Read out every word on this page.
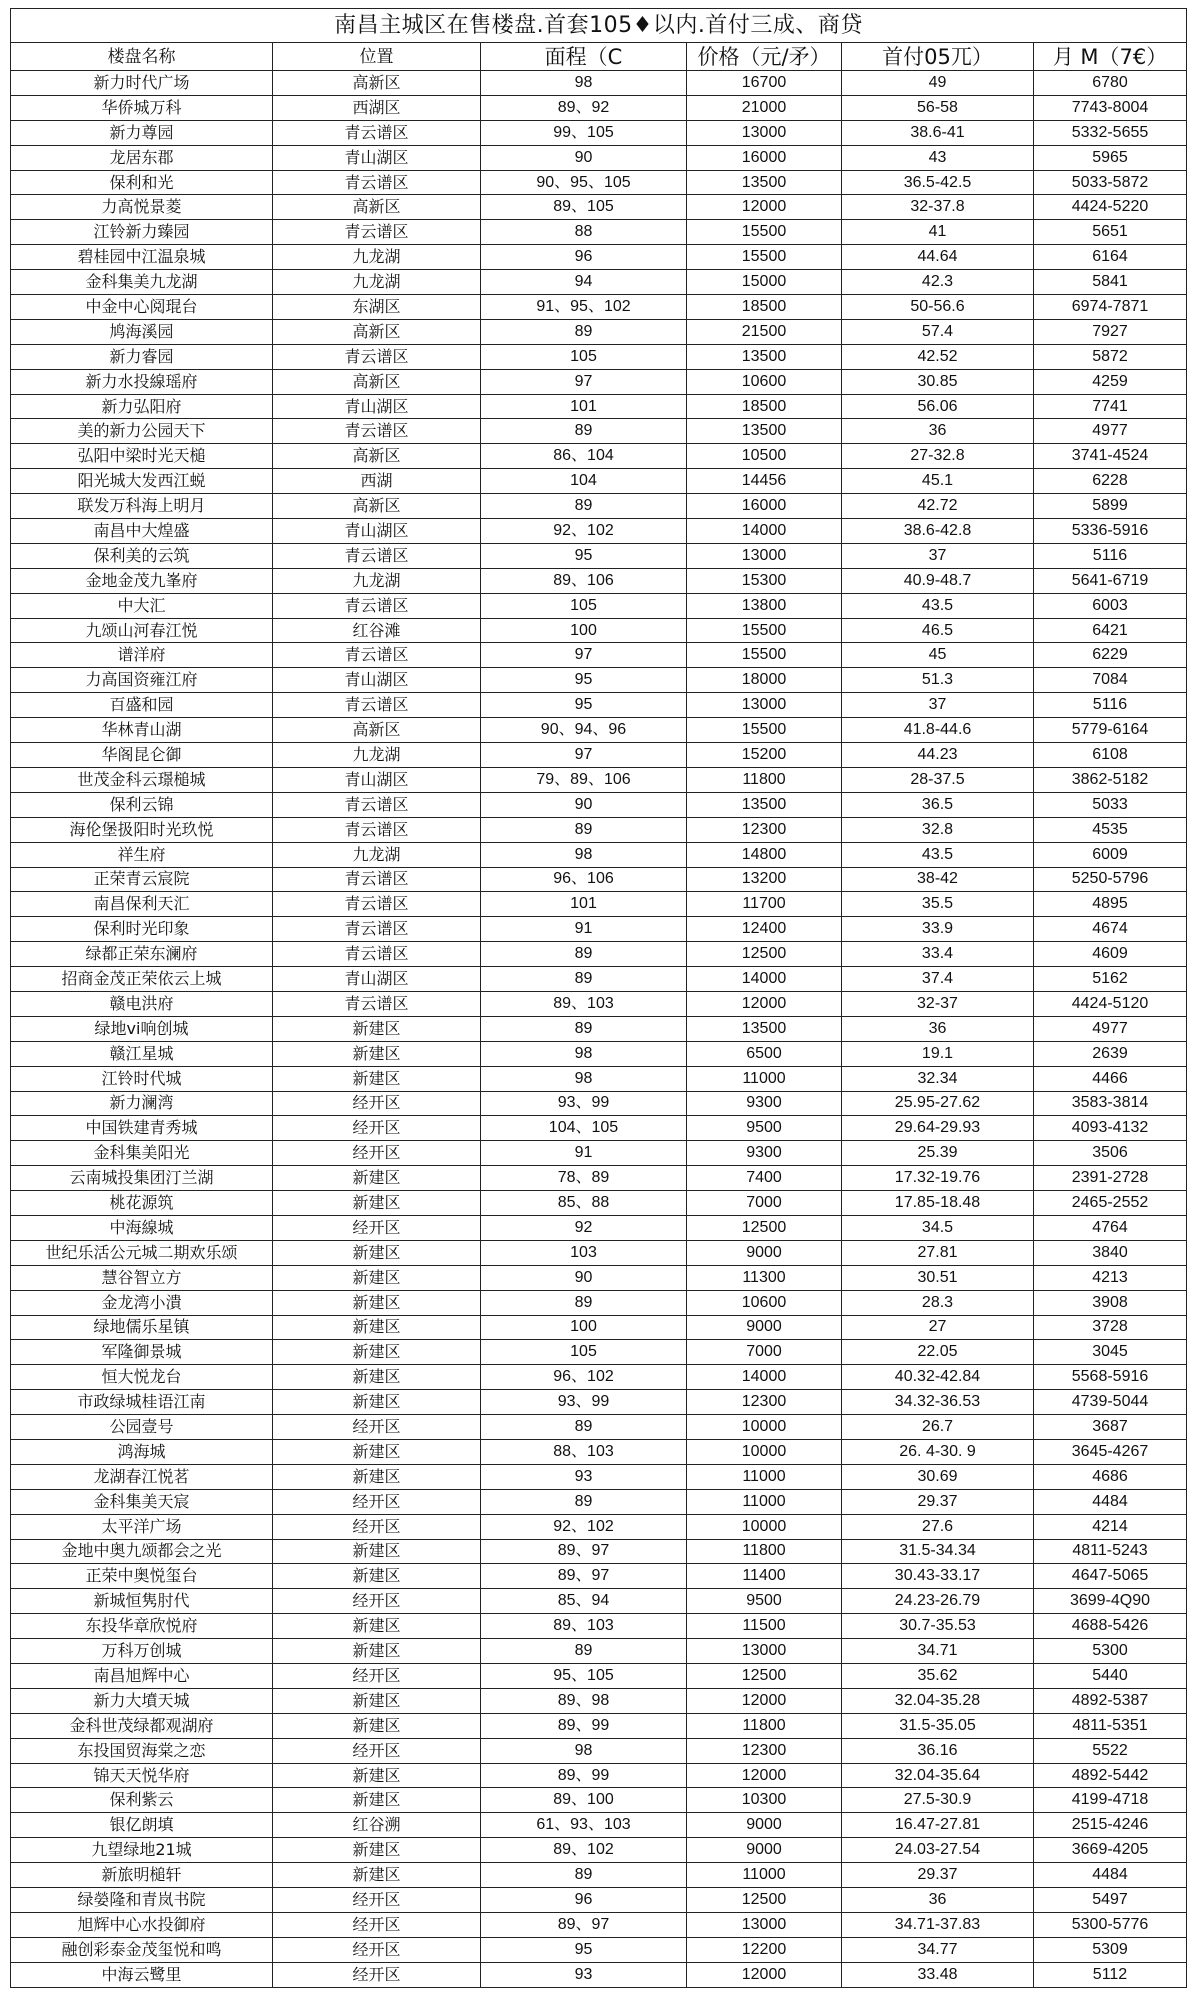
南昌主城区在售楼盘.首套105♦以内.首付三成、商贷					
楼盘名称	位置	面程（C	价格（元/矛）	首付05兀）	月 M（7€）
新力时代广场	高新区	98	16700	49	6780
华侨城万科	西湖区	89、92	21000	56-58	7743-8004
新力尊园	青云谱区	99、105	13000	38.6-41	5332-5655
龙居东郡	青山湖区	90	16000	43	5965
保利和光	青云谱区	90、95、105	13500	36.5-42.5	5033-5872
力高悦景菱	高新区	89、105	12000	32-37.8	4424-5220
江铃新力臻园	青云谱区	88	15500	41	5651
碧桂园中江温泉城	九龙湖	96	15500	44.64	6164
金科集美九龙湖	九龙湖	94	15000	42.3	5841
中金中心阅琨台	东湖区	91、95、102	18500	50-56.6	6974-7871
鸠海溪园	高新区	89	21500	57.4	7927
新力睿园	青云谱区	105	13500	42.52	5872
新力水投線瑶府	高新区	97	10600	30.85	4259
新力弘阳府	青山湖区	101	18500	56.06	7741
美的新力公园天下	青云谱区	89	13500	36	4977
弘阳中梁时光天槌	高新区	86、104	10500	27-32.8	3741-4524
阳光城大发西江蜕	西湖	104	14456	45.1	6228
联发万科海上明月	高新区	89	16000	42.72	5899
南昌中大煌盛	青山湖区	92、102	14000	38.6-42.8	5336-5916
保利美的云筑	青云谱区	95	13000	37	5116
金地金茂九峯府	九龙湖	89、106	15300	40.9-48.7	5641-6719
中大汇	青云谱区	105	13800	43.5	6003
九颂山河春江悦	红谷滩	100	15500	46.5	6421
谱洋府	青云谱区	97	15500	45	6229
力高国资雍江府	青山湖区	95	18000	51.3	7084
百盛和园	青云谱区	95	13000	37	5116
华林青山湖	高新区	90、94、96	15500	41.8-44.6	5779-6164
华阁昆仑御	九龙湖	97	15200	44.23	6108
世茂金科云璟槌城	青山湖区	79、89、106	11800	28-37.5	3862-5182
保利云锦	青云谱区	90	13500	36.5	5033
海伦堡扱阳时光玖悦	青云谱区	89	12300	32.8	4535
祥生府	九龙湖	98	14800	43.5	6009
正荣青云宸院	青云谱区	96、106	13200	38-42	5250-5796
南昌保利天汇	青云谱区	101	11700	35.5	4895
保利时光印象	青云谱区	91	12400	33.9	4674
绿都正荣东澜府	青云谱区	89	12500	33.4	4609
招商金茂正荣依云上城	青山湖区	89	14000	37.4	5162
赣电洪府	青云谱区	89、103	12000	32-37	4424-5120
绿地vi响创城	新建区	89	13500	36	4977
赣江星城	新建区	98	6500	19.1	2639
江铃时代城	新建区	98	11000	32.34	4466
新力澜湾	经开区	93、99	9300	25.95-27.62	3583-3814
中国铁建青秀城	经开区	104、105	9500	29.64-29.93	4093-4132
金科集美阳光	经开区	91	9300	25.39	3506
云南城投集团汀兰湖	新建区	78、89	7400	17.32-19.76	2391-2728
桃花源筑	新建区	85、88	7000	17.85-18.48	2465-2552
中海線城	经开区	92	12500	34.5	4764
世纪乐活公元城二期欢乐颂	新建区	103	9000	27.81	3840
慧谷智立方	新建区	90	11300	30.51	4213
金龙湾小潰	新建区	89	10600	28.3	3908
绿地儒乐星镇	新建区	100	9000	27	3728
军隆御景城	新建区	105	7000	22.05	3045
恒大悦龙台	新建区	96、102	14000	40.32-42.84	5568-5916
市政绿城桂语江南	新建区	93、99	12300	34.32-36.53	4739-5044
公园壹号	经开区	89	10000	26.7	3687
鸿海城	新建区	88、103	10000	26. 4-30. 9	3645-4267
龙湖春江悦茗	新建区	93	11000	30.69	4686
金科集美天宸	经开区	89	11000	29.37	4484
太平洋广场	经开区	92、102	10000	27.6	4214
金地中奥九颂都会之光	新建区	89、97	11800	31.5-34.34	4811-5243
正荣中奥悦玺台	新建区	89、97	11400	30.43-33.17	4647-5065
新城恒隽肘代	经开区	85、94	9500	24.23-26.79	3699-4Q90
东投华章欣悦府	新建区	89、103	11500	30.7-35.53	4688-5426
万科万创城	新建区	89	13000	34.71	5300
南昌旭辉中心	经开区	95、105	12500	35.62	5440
新力大墳天城	新建区	89、98	12000	32.04-35.28	4892-5387
金科世茂绿都观湖府	新建区	89、99	11800	31.5-35.05	4811-5351
东投国贸海棠之恋	经开区	98	12300	36.16	5522
锦天天悦华府	新建区	89、99	12000	32.04-35.64	4892-5442
保利紫云	新建区	89、100	10300	27.5-30.9	4199-4718
银亿朗填	红谷溯	61、93、103	9000	16.47-27.81	2515-4246
九望绿地21城	新建区	89、102	9000	24.03-27.54	3669-4205
新旅明槌轩	新建区	89	11000	29.37	4484
绿嫈隆和青岚书院	经开区	96	12500	36	5497
旭辉中心水投御府	经开区	89、97	13000	34.71-37.83	5300-5776
融创彩泰金茂玺悦和鸣	经开区	95	12200	34.77	5309
中海云鹭里	经开区	93	12000	33.48	5112
